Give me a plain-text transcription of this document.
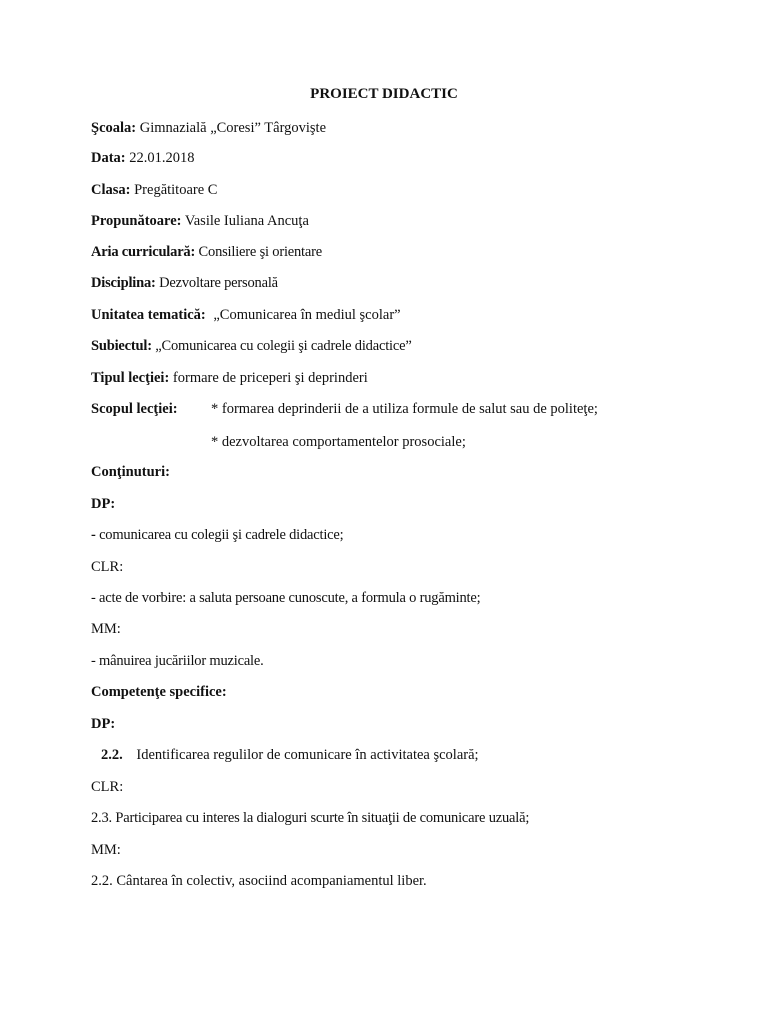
PROIECT DIDACTIC
Şcoala: Gimnazială „Coresi” Târgovişte
Data: 22.01.2018
Clasa: Pregătitoare C
Propunătoare: Vasile Iuliana Ancuţa
Aria curriculară: Consiliere şi orientare
Disciplina: Dezvoltare personală
Unitatea tematică: „Comunicarea în mediul şcolar”
Subiectul: „Comunicarea cu colegii şi cadrele didactice”
Tipul lecţiei: formare de priceperi şi deprinderi
Scopul lecţiei: * formarea deprinderii de a utiliza formule de salut sau de politeţe;
* dezvoltarea comportamentelor prosociale;
Conţinuturi:
DP:
- comunicarea cu colegii şi cadrele didactice;
CLR:
- acte de vorbire: a saluta persoane cunoscute, a formula o rugăminte;
MM:
- mânuirea jucăriilor muzicale.
Competenţe specifice:
DP:
2.2. Identificarea regulilor de comunicare în activitatea şcolară;
CLR:
2.3. Participarea cu interes la dialoguri scurte în situaţii de comunicare uzuală;
MM:
2.2. Cântarea în colectiv, asociind acompaniamentul liber.
